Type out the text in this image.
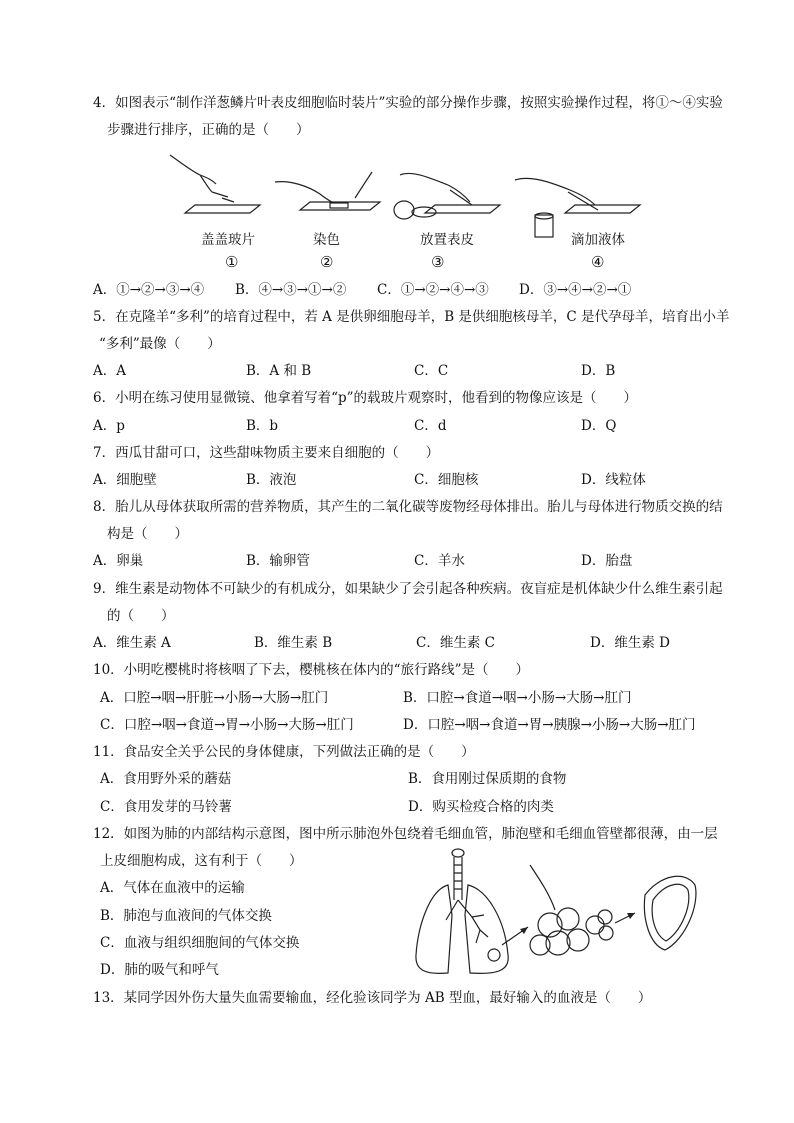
4．如图表示“制作洋葱鳞片叶表皮细胞临时装片”实验的部分操作步骤，按照实验操作过程，将①～④实验
步骤进行排序，正确的是（　　）
盖盖玻片	染色	放置表皮	滴加液体
①	②	③	④
A．①→②→③→④ B．④→③→①→② C．①→②→④→③ D．③→④→②→①
5．在克隆羊“多利”的培育过程中，若 A 是供卵细胞母羊，B 是供细胞核母羊，C 是代孕母羊，培育出小羊
“多利”最像（　　）
A．A	B．A 和 B	C．C	D．B
6．小明在练习使用显微镜、他拿着写着“p”的载玻片观察时，他看到的物像应该是（　　）
A．p	B．b	C．d	D．Q
7．西瓜甘甜可口，这些甜味物质主要来自细胞的（　　）
A．细胞壁	B．液泡	C．细胞核	D．线粒体
8．胎儿从母体获取所需的营养物质，其产生的二氧化碳等废物经母体排出。胎儿与母体进行物质交换的结
构是（　　）
A．卵巢	B．输卵管	C．羊水	D．胎盘
9．维生素是动物体不可缺少的有机成分，如果缺少了会引起各种疾病。夜盲症是机体缺少什么维生素引起
的（　　）
A．维生素 A	B．维生素 B	C．维生素 C	D．维生素 D
10．小明吃樱桃时将核咽了下去，樱桃核在体内的“旅行路线”是（　　）
A．口腔→咽→肝脏→小肠→大肠→肛门	B．口腔→食道→咽→小肠→大肠→肛门
C．口腔→咽→食道→胃→小肠→大肠→肛门	D．口腔→咽→食道→胃→胰腺→小肠→大肠→肛门
11．食品安全关乎公民的身体健康，下列做法正确的是（　　）
A．食用野外采的蘑菇	B．食用刚过保质期的食物
C．食用发芽的马铃薯	D．购买检疫合格的肉类
12．如图为肺的内部结构示意图，图中所示肺泡外包绕着毛细血管，肺泡壁和毛细血管壁都很薄，由一层
上皮细胞构成，这有利于（　　）
A．气体在血液中的运输
B．肺泡与血液间的气体交换
C．血液与组织细胞间的气体交换
D．肺的吸气和呼气
13．某同学因外伤大量失血需要输血，经化验该同学为 AB 型血，最好输入的血液是（　　）
